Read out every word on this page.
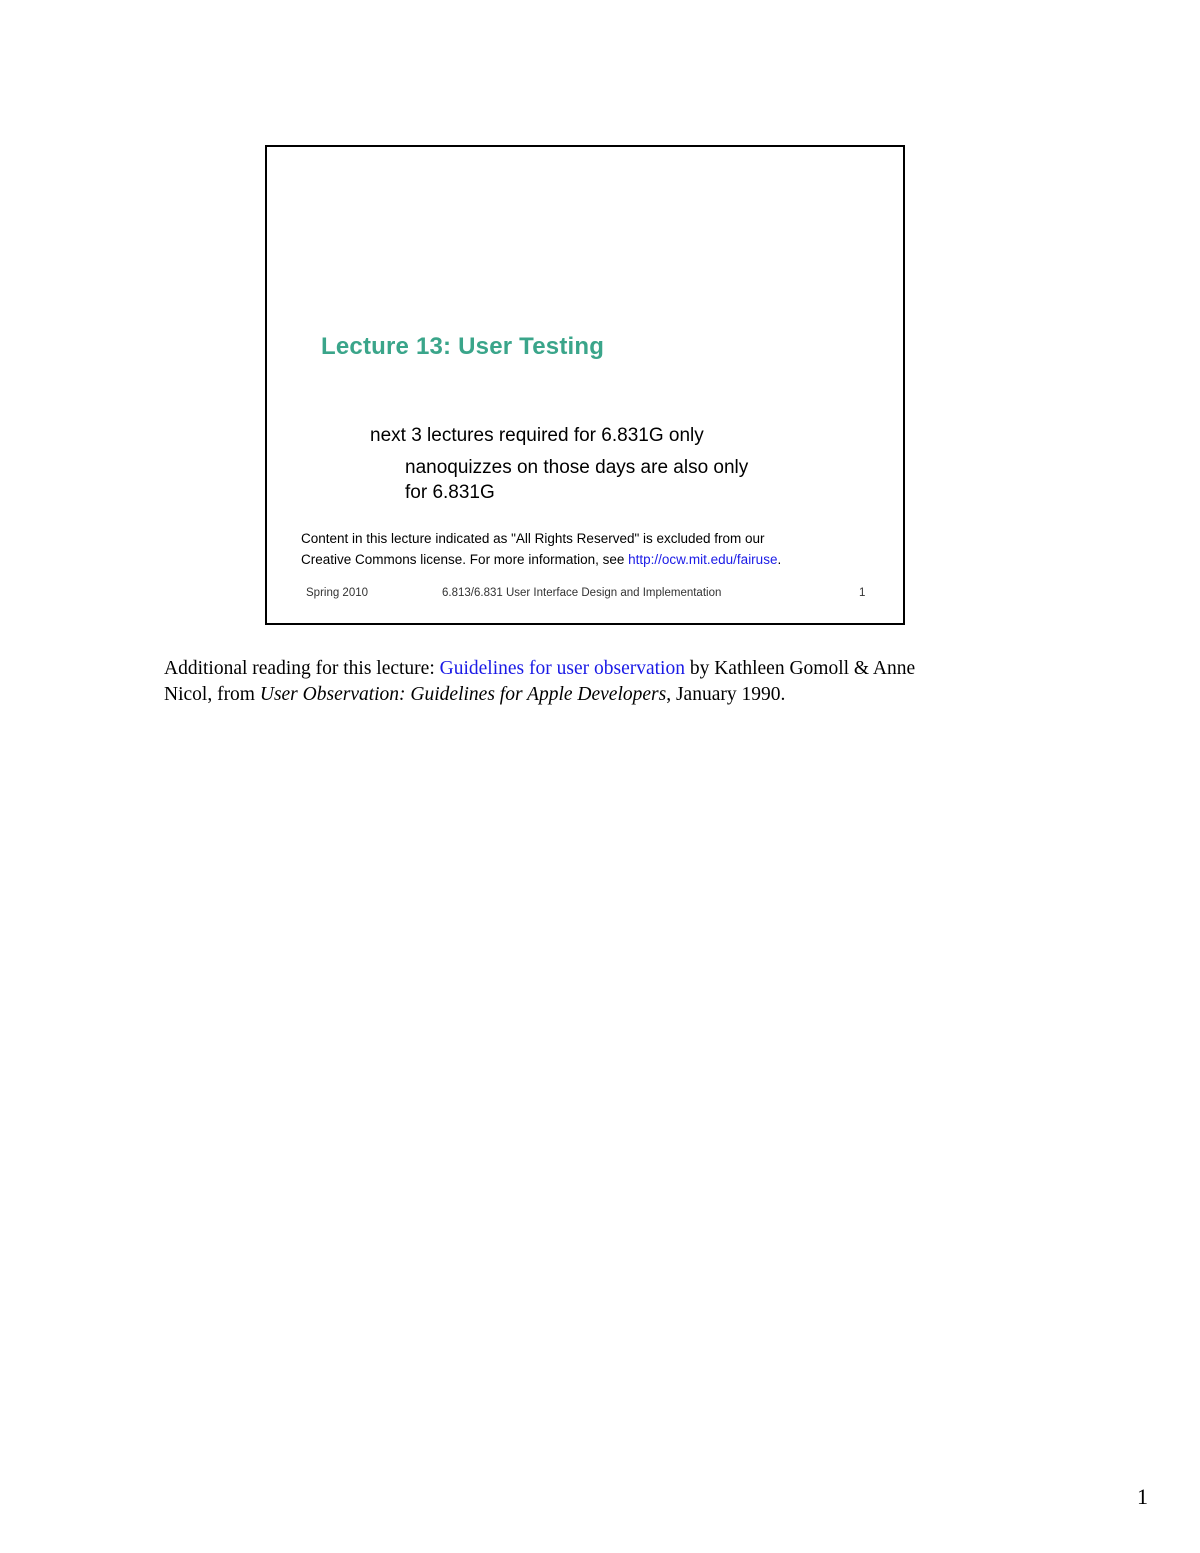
Lecture 13: User Testing
next 3 lectures required for 6.831G only
nanoquizzes on those days are also only
for 6.831G
Content in this lecture indicated as "All Rights Reserved" is excluded from our
Creative Commons license. For more information, see http://ocw.mit.edu/fairuse.
Spring 2010	6.813/6.831 User Interface Design and Implementation	1
Additional reading for this lecture: Guidelines for user observation by Kathleen Gomoll & Anne
Nicol, from User Observation: Guidelines for Apple Developers, January 1990.
1
